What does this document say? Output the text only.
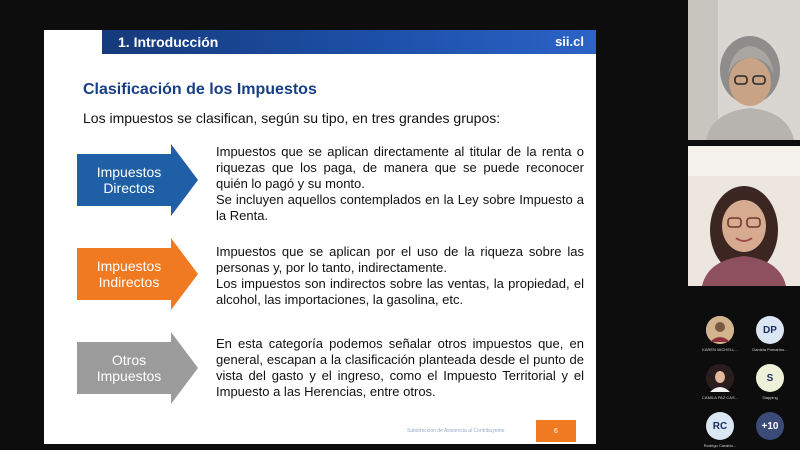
1. Introducción	sii.cl
Clasificación de los Impuestos
Los impuestos se clasifican, según su tipo, en tres grandes grupos:
Impuestos
Directos

Impuestos que se aplican directamente al titular de la renta o riquezas que los paga, de manera que se puede reconocer quién lo pagó y su monto.

Se incluyen aquellos contemplados en la Ley sobre Impuesto a la Renta.

Impuestos
Indirectos

Impuestos que se aplican por el uso de la riqueza sobre las personas y, por lo tanto, indirectamente.

Los impuestos son indirectos sobre las ventas, la propiedad, el alcohol, las importaciones, la gasolina, etc.

Otros
Impuestos

En esta categoría podemos señalar otros impuestos que, en general, escapan a la clasificación planteada desde el punto de vista del gasto y el ingreso, como el Impuesto Territorial y el Impuesto a las Herencias, entre otros.

Subdirección de Asistencia al Contribuyente	6
KAREN MICHELL...
DP
Daniela Pomarino...
CAMILA PAZ CAS...
S
Slapping
RC
Rodrigo Carabio...
+10
